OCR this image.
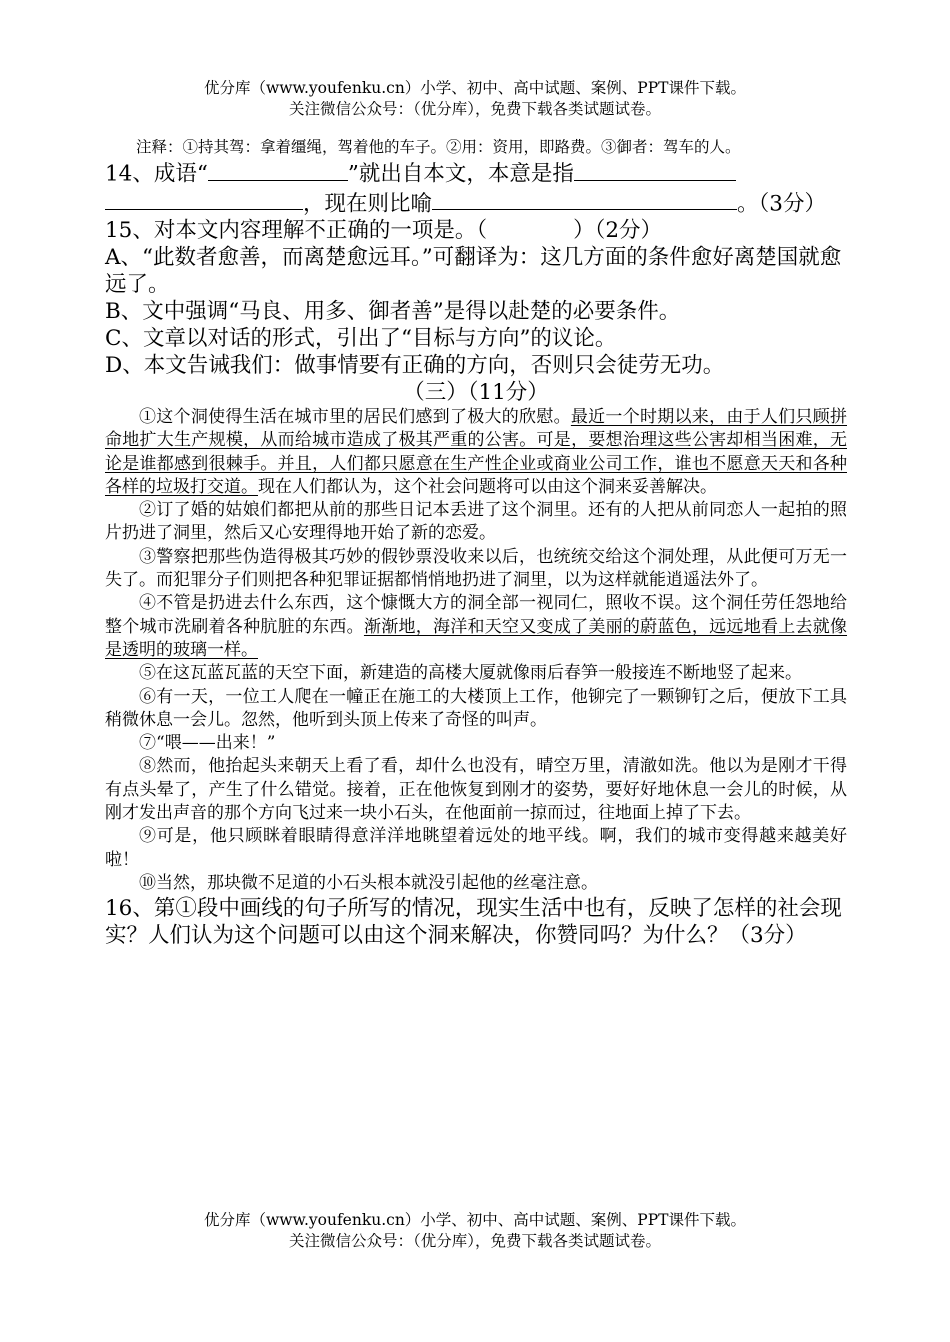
优分库（www.youfenku.cn）小学、初中、高中试题、案例、PPT课件下载。

关注微信公众号：（优分库），免费下载各类试题试卷。

注释：①持其驾：拿着缰绳，驾着他的车子。②用：资用，即路费。③御者：驾车的人。

14、成语“	”就出自本文，本意是指，现在则比喻	。（3分）

15、对本文内容理解不正确的一项是。（　　　　）（2分）

A、“此数者愈善，而离楚愈远耳。”可翻译为：这几方面的条件愈好离楚国就愈远了。

B、文中强调“马良、用多、御者善”是得以赴楚的必要条件。

C、文章以对话的形式，引出了“目标与方向”的议论。

D、本文告诫我们：做事情要有正确的方向，否则只会徒劳无功。

（三）（11分）

①这个洞使得生活在城市里的居民们感到了极大的欣慰。最近一个时期以来，由于人们只顾拼命地扩大生产规模，从而给城市造成了极其严重的公害。可是，要想治理这些公害却相当困难，无论是谁都感到很棘手。并且，人们都只愿意在生产性企业或商业公司工作，谁也不愿意天天和各种各样的垃圾打交道。现在人们都认为，这个社会问题将可以由这个洞来妥善解决。

②订了婚的姑娘们都把从前的那些日记本丢进了这个洞里。还有的人把从前同恋人一起拍的照片扔进了洞里，然后又心安理得地开始了新的恋爱。

③警察把那些伪造得极其巧妙的假钞票没收来以后，也统统交给这个洞处理，从此便可万无一失了。而犯罪分子们则把各种犯罪证据都悄悄地扔进了洞里，以为这样就能逍遥法外了。

④不管是扔进去什么东西，这个慷慨大方的洞全部一视同仁，照收不误。这个洞任劳任怨地给整个城市洗刷着各种肮脏的东西。渐渐地，海洋和天空又变成了美丽的蔚蓝色，远远地看上去就像是透明的玻璃一样。

⑤在这瓦蓝瓦蓝的天空下面，新建造的高楼大厦就像雨后春笋一般接连不断地竖了起来。

⑥有一天，一位工人爬在一幢正在施工的大楼顶上工作，他铆完了一颗铆钉之后，便放下工具稍微休息一会儿。忽然，他听到头顶上传来了奇怪的叫声。

⑦“喂——出来！”

⑧然而，他抬起头来朝天上看了看，却什么也没有，晴空万里，清澈如洗。他以为是刚才干得有点头晕了，产生了什么错觉。接着，正在他恢复到刚才的姿势，要好好地休息一会儿的时候，从刚才发出声音的那个方向飞过来一块小石头，在他面前一掠而过，往地面上掉了下去。

⑨可是，他只顾眯着眼睛得意洋洋地眺望着远处的地平线。啊，我们的城市变得越来越美好啦！

⑩当然，那块微不足道的小石头根本就没引起他的丝毫注意。

16、第①段中画线的句子所写的情况，现实生活中也有，反映了怎样的社会现实？人们认为这个问题可以由这个洞来解决，你赞同吗？为什么？（3分）

优分库（www.youfenku.cn）小学、初中、高中试题、案例、PPT课件下载。

关注微信公众号：（优分库），免费下载各类试题试卷。
